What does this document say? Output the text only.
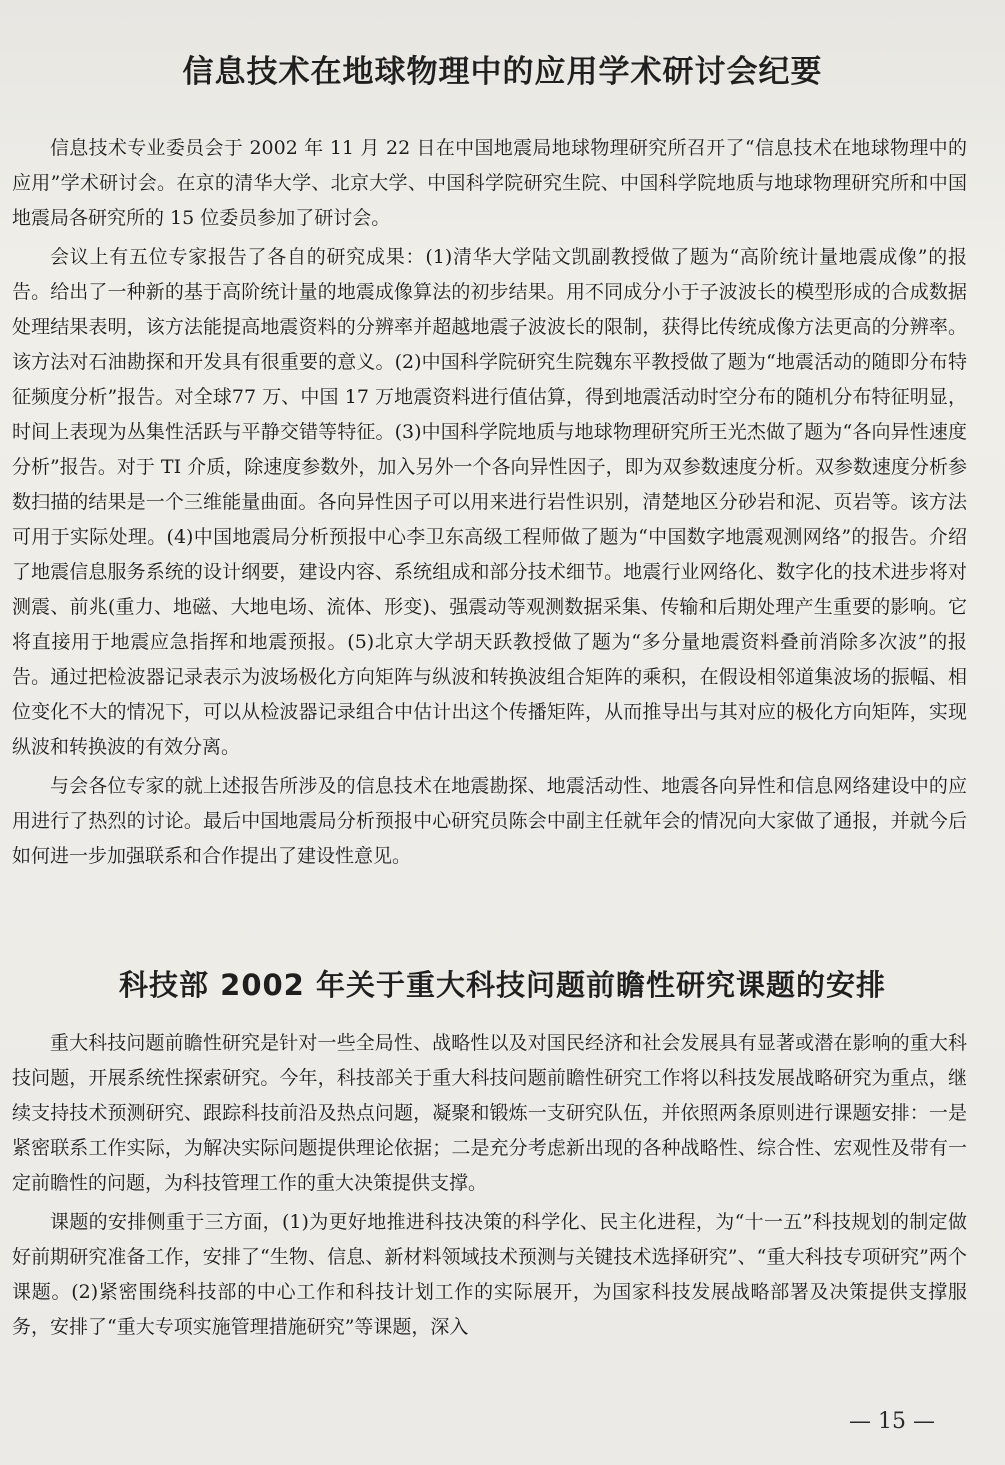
信息技术在地球物理中的应用学术研讨会纪要

信息技术专业委员会于 2002 年 11 月 22 日在中国地震局地球物理研究所召开了“信息技术在地球物理中的应用”学术研讨会。在京的清华大学、北京大学、中国科学院研究生院、中国科学院地质与地球物理研究所和中国地震局各研究所的 15 位委员参加了研讨会。

会议上有五位专家报告了各自的研究成果：(1)清华大学陆文凯副教授做了题为“高阶统计量地震成像”的报告。给出了一种新的基于高阶统计量的地震成像算法的初步结果。用不同成分小于子波波长的模型形成的合成数据处理结果表明，该方法能提高地震资料的分辨率并超越地震子波波长的限制，获得比传统成像方法更高的分辨率。该方法对石油勘探和开发具有很重要的意义。(2)中国科学院研究生院魏东平教授做了题为“地震活动的随即分布特征频度分析”报告。对全球77 万、中国 17 万地震资料进行值估算，得到地震活动时空分布的随机分布特征明显，时间上表现为丛集性活跃与平静交错等特征。(3)中国科学院地质与地球物理研究所王光杰做了题为“各向异性速度分析”报告。对于 TI 介质，除速度参数外，加入另外一个各向异性因子，即为双参数速度分析。双参数速度分析参数扫描的结果是一个三维能量曲面。各向异性因子可以用来进行岩性识别，清楚地区分砂岩和泥、页岩等。该方法可用于实际处理。(4)中国地震局分析预报中心李卫东高级工程师做了题为“中国数字地震观测网络”的报告。介绍了地震信息服务系统的设计纲要，建设内容、系统组成和部分技术细节。地震行业网络化、数字化的技术进步将对测震、前兆(重力、地磁、大地电场、流体、形变)、强震动等观测数据采集、传输和后期处理产生重要的影响。它将直接用于地震应急指挥和地震预报。(5)北京大学胡天跃教授做了题为“多分量地震资料叠前消除多次波”的报告。通过把检波器记录表示为波场极化方向矩阵与纵波和转换波组合矩阵的乘积，在假设相邻道集波场的振幅、相位变化不大的情况下，可以从检波器记录组合中估计出这个传播矩阵，从而推导出与其对应的极化方向矩阵，实现纵波和转换波的有效分离。

与会各位专家的就上述报告所涉及的信息技术在地震勘探、地震活动性、地震各向异性和信息网络建设中的应用进行了热烈的讨论。最后中国地震局分析预报中心研究员陈会中副主任就年会的情况向大家做了通报，并就今后如何进一步加强联系和合作提出了建设性意见。

科技部 2002 年关于重大科技问题前瞻性研究课题的安排

重大科技问题前瞻性研究是针对一些全局性、战略性以及对国民经济和社会发展具有显著或潜在影响的重大科技问题，开展系统性探索研究。今年，科技部关于重大科技问题前瞻性研究工作将以科技发展战略研究为重点，继续支持技术预测研究、跟踪科技前沿及热点问题，凝聚和锻炼一支研究队伍，并依照两条原则进行课题安排：一是紧密联系工作实际，为解决实际问题提供理论依据；二是充分考虑新出现的各种战略性、综合性、宏观性及带有一定前瞻性的问题，为科技管理工作的重大决策提供支撑。

课题的安排侧重于三方面，(1)为更好地推进科技决策的科学化、民主化进程，为“十一五”科技规划的制定做好前期研究准备工作，安排了“生物、信息、新材料领域技术预测与关键技术选择研究”、“重大科技专项研究”两个课题。(2)紧密围绕科技部的中心工作和科技计划工作的实际展开，为国家科技发展战略部署及决策提供支撑服务，安排了“重大专项实施管理措施研究”等课题，深入

— 15 —
